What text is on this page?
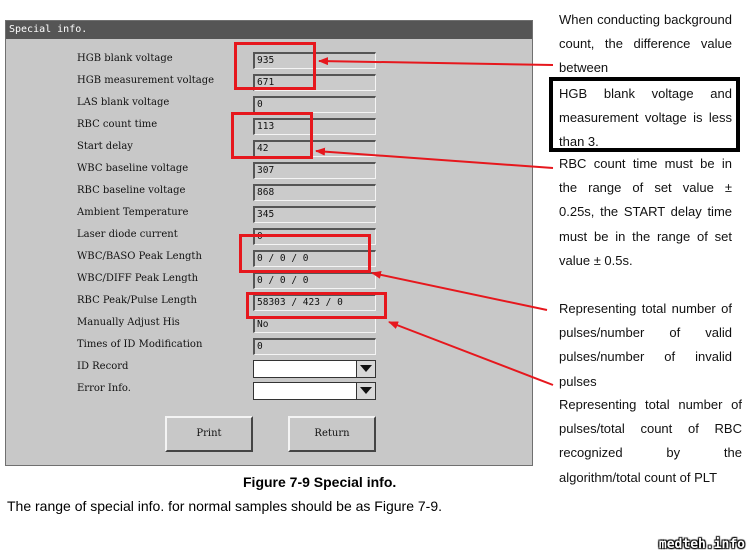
Special info.
HGB blank voltage	935
HGB measurement voltage	671
LAS blank voltage	0
RBC count time	113
Start delay	42
WBC baseline voltage	307
RBC baseline voltage	868
Ambient Temperature	345
Laser diode current	0
WBC/BASO Peak Length	0 / 0 / 0
WBC/DIFF Peak Length	0 / 0 / 0
RBC Peak/Pulse Length	58303 / 423 / 0
Manually Adjust His	No
Times of ID Modification	0
ID Record
Error Info.
Print	Return
When conducting background count, the difference value between
HGB blank voltage and measurement voltage is less than 3.
RBC count time must be in the range of set value ± 0.25s, the START delay time must be in the range of set value ± 0.5s.
Representing total number of pulses/number of valid pulses/number of invalid pulses
Representing total number of pulses/total count of RBC recognized by the algorithm/total count of PLT
Figure 7-9 Special info.
The range of special info. for normal samples should be as Figure 7-9.
medteh.info
